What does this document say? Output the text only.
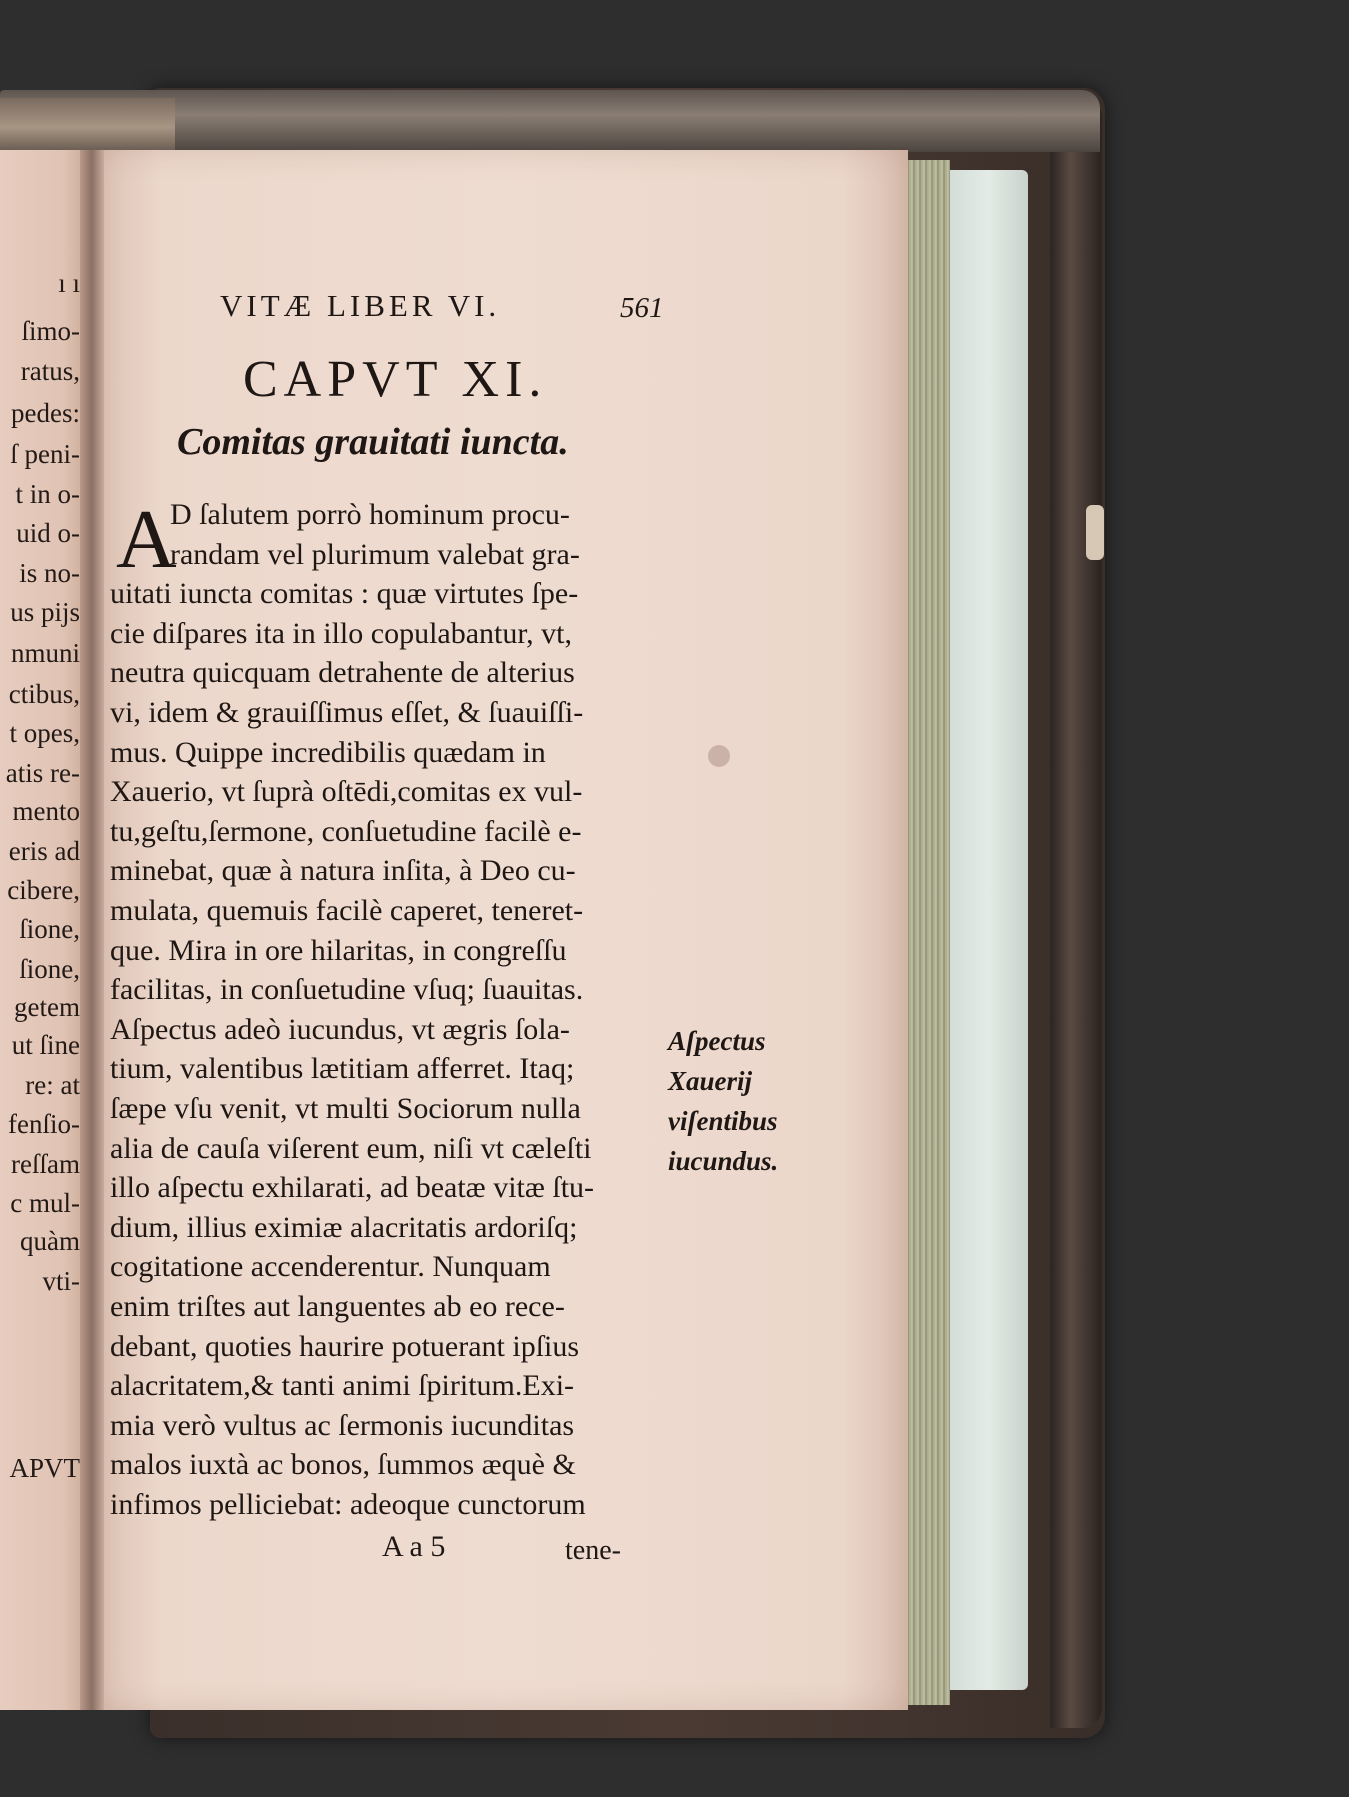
ı ı
ſimo-
ratus,
pedes:
ſ peni-
t in o-
uid o-
is no-
us pijs
nmuni
ctibus,
t opes,
atis re-
mento
eris ad
cibere,
ſione,
ſione,
getem
ut ſine
re: at
fenſio-
reſſam
c mul-
quàm
vti-
APVT
VITÆ LIBER VI.	561
CAPVT XI.
Comitas grauitati iuncta.
A
D ſalutem porrò hominum procu-
randam vel plurimum valebat gra-
uitati iuncta comitas : quæ virtutes ſpe-
cie diſpares ita in illo copulabantur, vt,
neutra quicquam detrahente de alterius
vi, idem & grauiſſimus eſſet, & ſuauiſſi-
mus. Quippe incredibilis quædam in
Xauerio, vt ſuprà oſtēdi,comitas ex vul-
tu,geſtu,ſermone, conſuetudine facilè e-
minebat, quæ à natura inſita, à Deo cu-
mulata, quemuis facilè caperet, teneret-
que. Mira in ore hilaritas, in congreſſu
facilitas, in conſuetudine vſuq; ſuauitas.
Aſpectus adeò iucundus, vt ægris ſola-
tium, valentibus lætitiam afferret. Itaq;
ſæpe vſu venit, vt multi Sociorum nulla
alia de cauſa viſerent eum, niſi vt cæleſti
illo aſpectu exhilarati, ad beatæ vitæ ſtu-
dium, illius eximiæ alacritatis ardoriſq;
cogitatione accenderentur. Nunquam
enim triſtes aut languentes ab eo rece-
debant, quoties haurire potuerant ipſius
alacritatem,& tanti animi ſpiritum.Exi-
mia verò vultus ac ſermonis iucunditas
malos iuxtà ac bonos, ſummos æquè &
infimos pelliciebat: adeoque cunctorum
Aſpectus
Xauerij
viſentibus
iucundus.
A a 5	tene-
